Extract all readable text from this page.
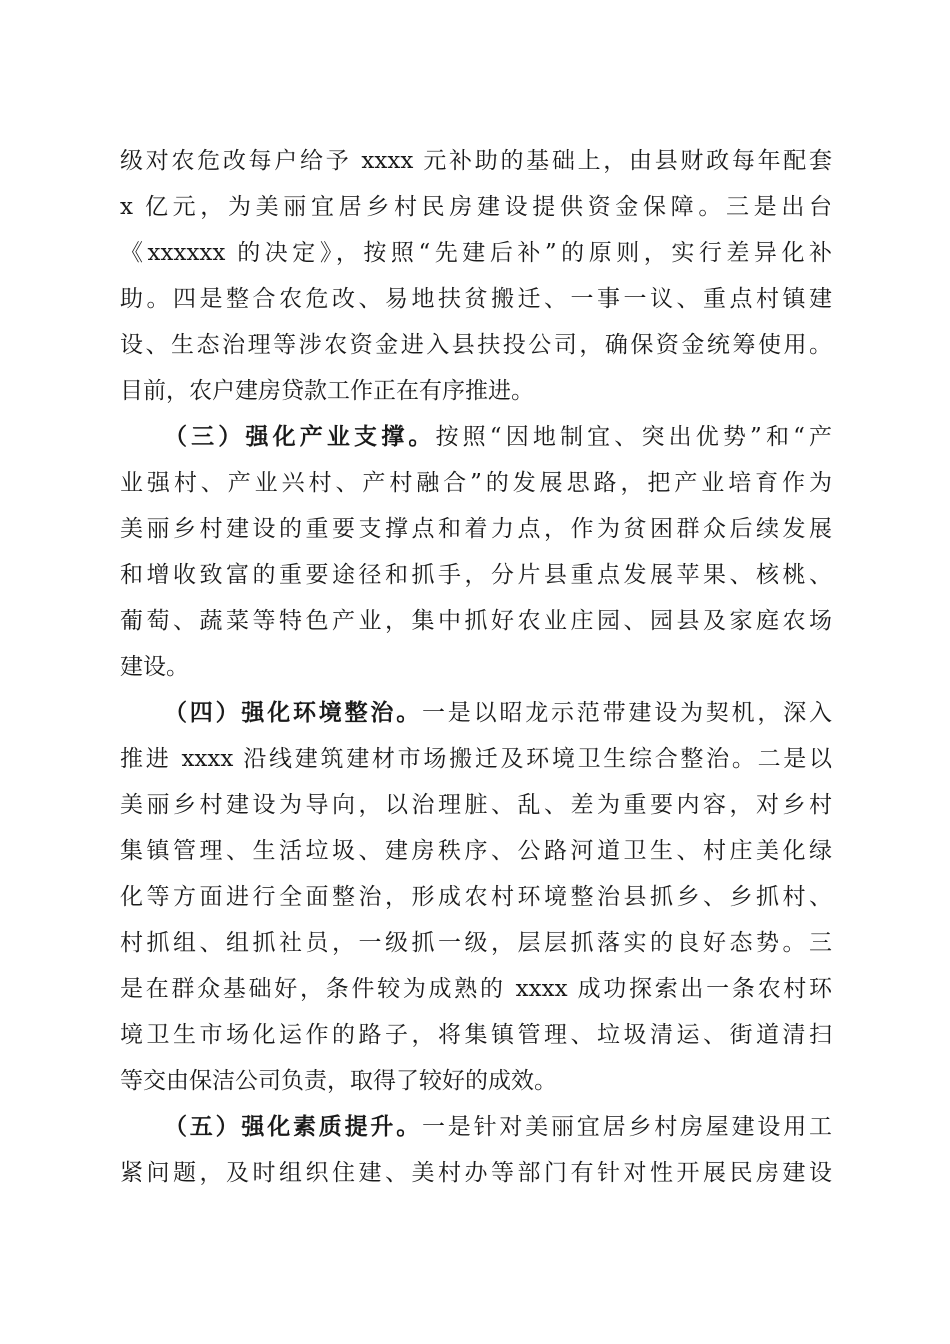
级对农危改每户给予 xxxx 元补助的基础上，由县财政每年配套
x 亿元，为美丽宜居乡村民房建设提供资金保障。三是出台
《xxxxxx 的决定》，按照“先建后补”的原则，实行差异化补
助。四是整合农危改、易地扶贫搬迁、一事一议、重点村镇建
设、生态治理等涉农资金进入县扶投公司，确保资金统筹使用。
目前，农户建房贷款工作正在有序推进。
（三）强化产业支撑。按照“因地制宜、突出优势”和“产
业强村、产业兴村、产村融合”的发展思路，把产业培育作为
美丽乡村建设的重要支撑点和着力点，作为贫困群众后续发展
和增收致富的重要途径和抓手，分片县重点发展苹果、核桃、
葡萄、蔬菜等特色产业，集中抓好农业庄园、园县及家庭农场
建设。
（四）强化环境整治。一是以昭龙示范带建设为契机，深入
推进 xxxx 沿线建筑建材市场搬迁及环境卫生综合整治。二是以
美丽乡村建设为导向，以治理脏、乱、差为重要内容，对乡村
集镇管理、生活垃圾、建房秩序、公路河道卫生、村庄美化绿
化等方面进行全面整治，形成农村环境整治县抓乡、乡抓村、
村抓组、组抓社员，一级抓一级，层层抓落实的良好态势。三
是在群众基础好，条件较为成熟的 xxxx 成功探索出一条农村环
境卫生市场化运作的路子，将集镇管理、垃圾清运、街道清扫
等交由保洁公司负责，取得了较好的成效。
（五）强化素质提升。一是针对美丽宜居乡村房屋建设用工
紧问题，及时组织住建、美村办等部门有针对性开展民房建设
